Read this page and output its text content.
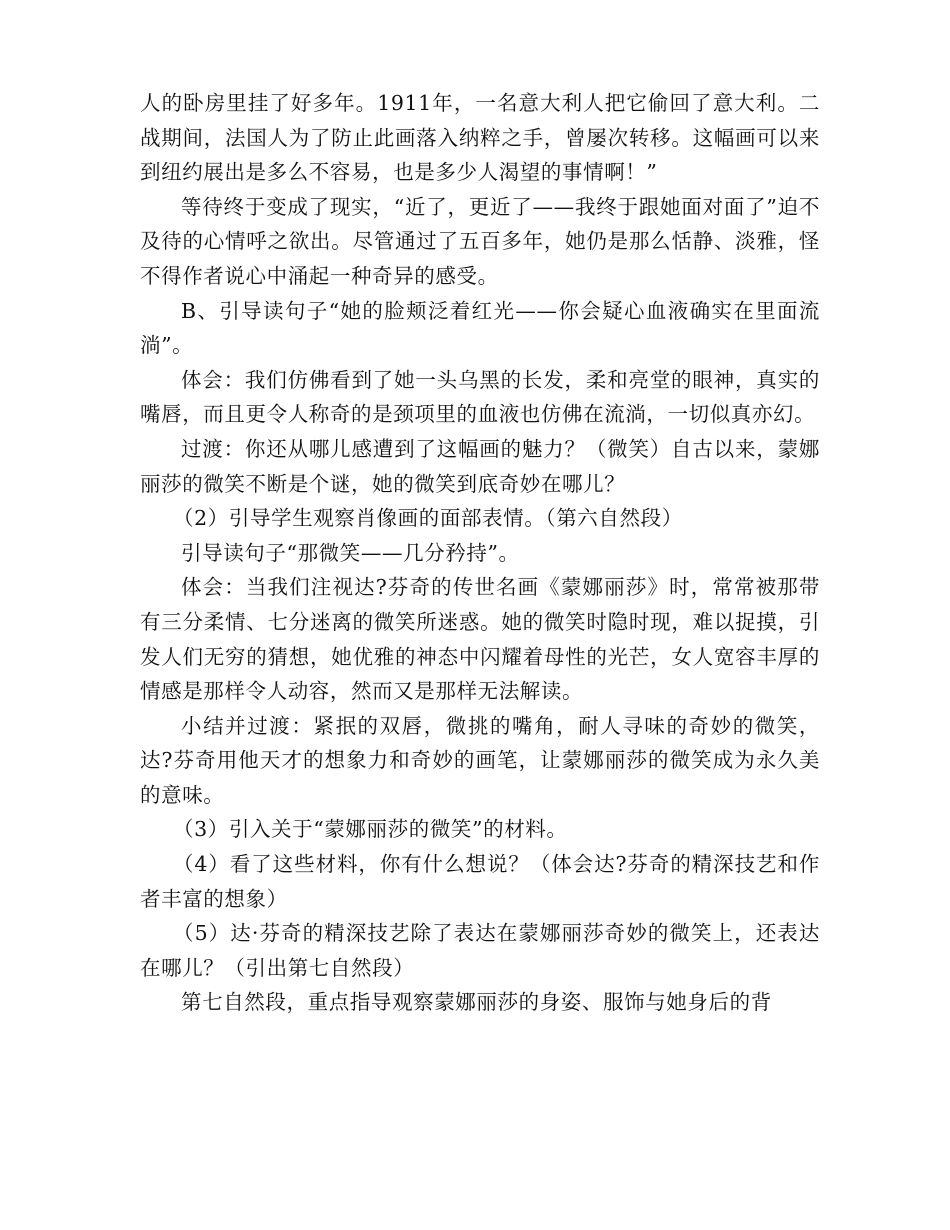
人的卧房里挂了好多年。1911年，一名意大利人把它偷回了意大利。二战期间，法国人为了防止此画落入纳粹之手，曾屡次转移。这幅画可以来到纽约展出是多么不容易，也是多少人渴望的事情啊！”

等待终于变成了现实，“近了，更近了——我终于跟她面对面了”迫不及待的心情呼之欲出。尽管通过了五百多年，她仍是那么恬静、淡雅，怪不得作者说心中涌起一种奇异的感受。

B、引导读句子“她的脸颊泛着红光——你会疑心血液确实在里面流淌”。

体会：我们仿佛看到了她一头乌黑的长发，柔和亮堂的眼神，真实的嘴唇，而且更令人称奇的是颈项里的血液也仿佛在流淌，一切似真亦幻。

过渡：你还从哪儿感遭到了这幅画的魅力？（微笑）自古以来，蒙娜丽莎的微笑不断是个谜，她的微笑到底奇妙在哪儿？

（2）引导学生观察肖像画的面部表情。（第六自然段）

引导读句子“那微笑——几分矜持”。

体会：当我们注视达?芬奇的传世名画《蒙娜丽莎》时，常常被那带有三分柔情、七分迷离的微笑所迷惑。她的微笑时隐时现，难以捉摸，引发人们无穷的猜想，她优雅的神态中闪耀着母性的光芒，女人宽容丰厚的情感是那样令人动容，然而又是那样无法解读。

小结并过渡：紧抿的双唇，微挑的嘴角，耐人寻味的奇妙的微笑，达?芬奇用他天才的想象力和奇妙的画笔，让蒙娜丽莎的微笑成为永久美的意味。

（3）引入关于“蒙娜丽莎的微笑”的材料。

（4）看了这些材料，你有什么想说？（体会达?芬奇的精深技艺和作者丰富的想象）

（5）达·芬奇的精深技艺除了表达在蒙娜丽莎奇妙的微笑上，还表达在哪儿？（引出第七自然段）

第七自然段，重点指导观察蒙娜丽莎的身姿、服饰与她身后的背
